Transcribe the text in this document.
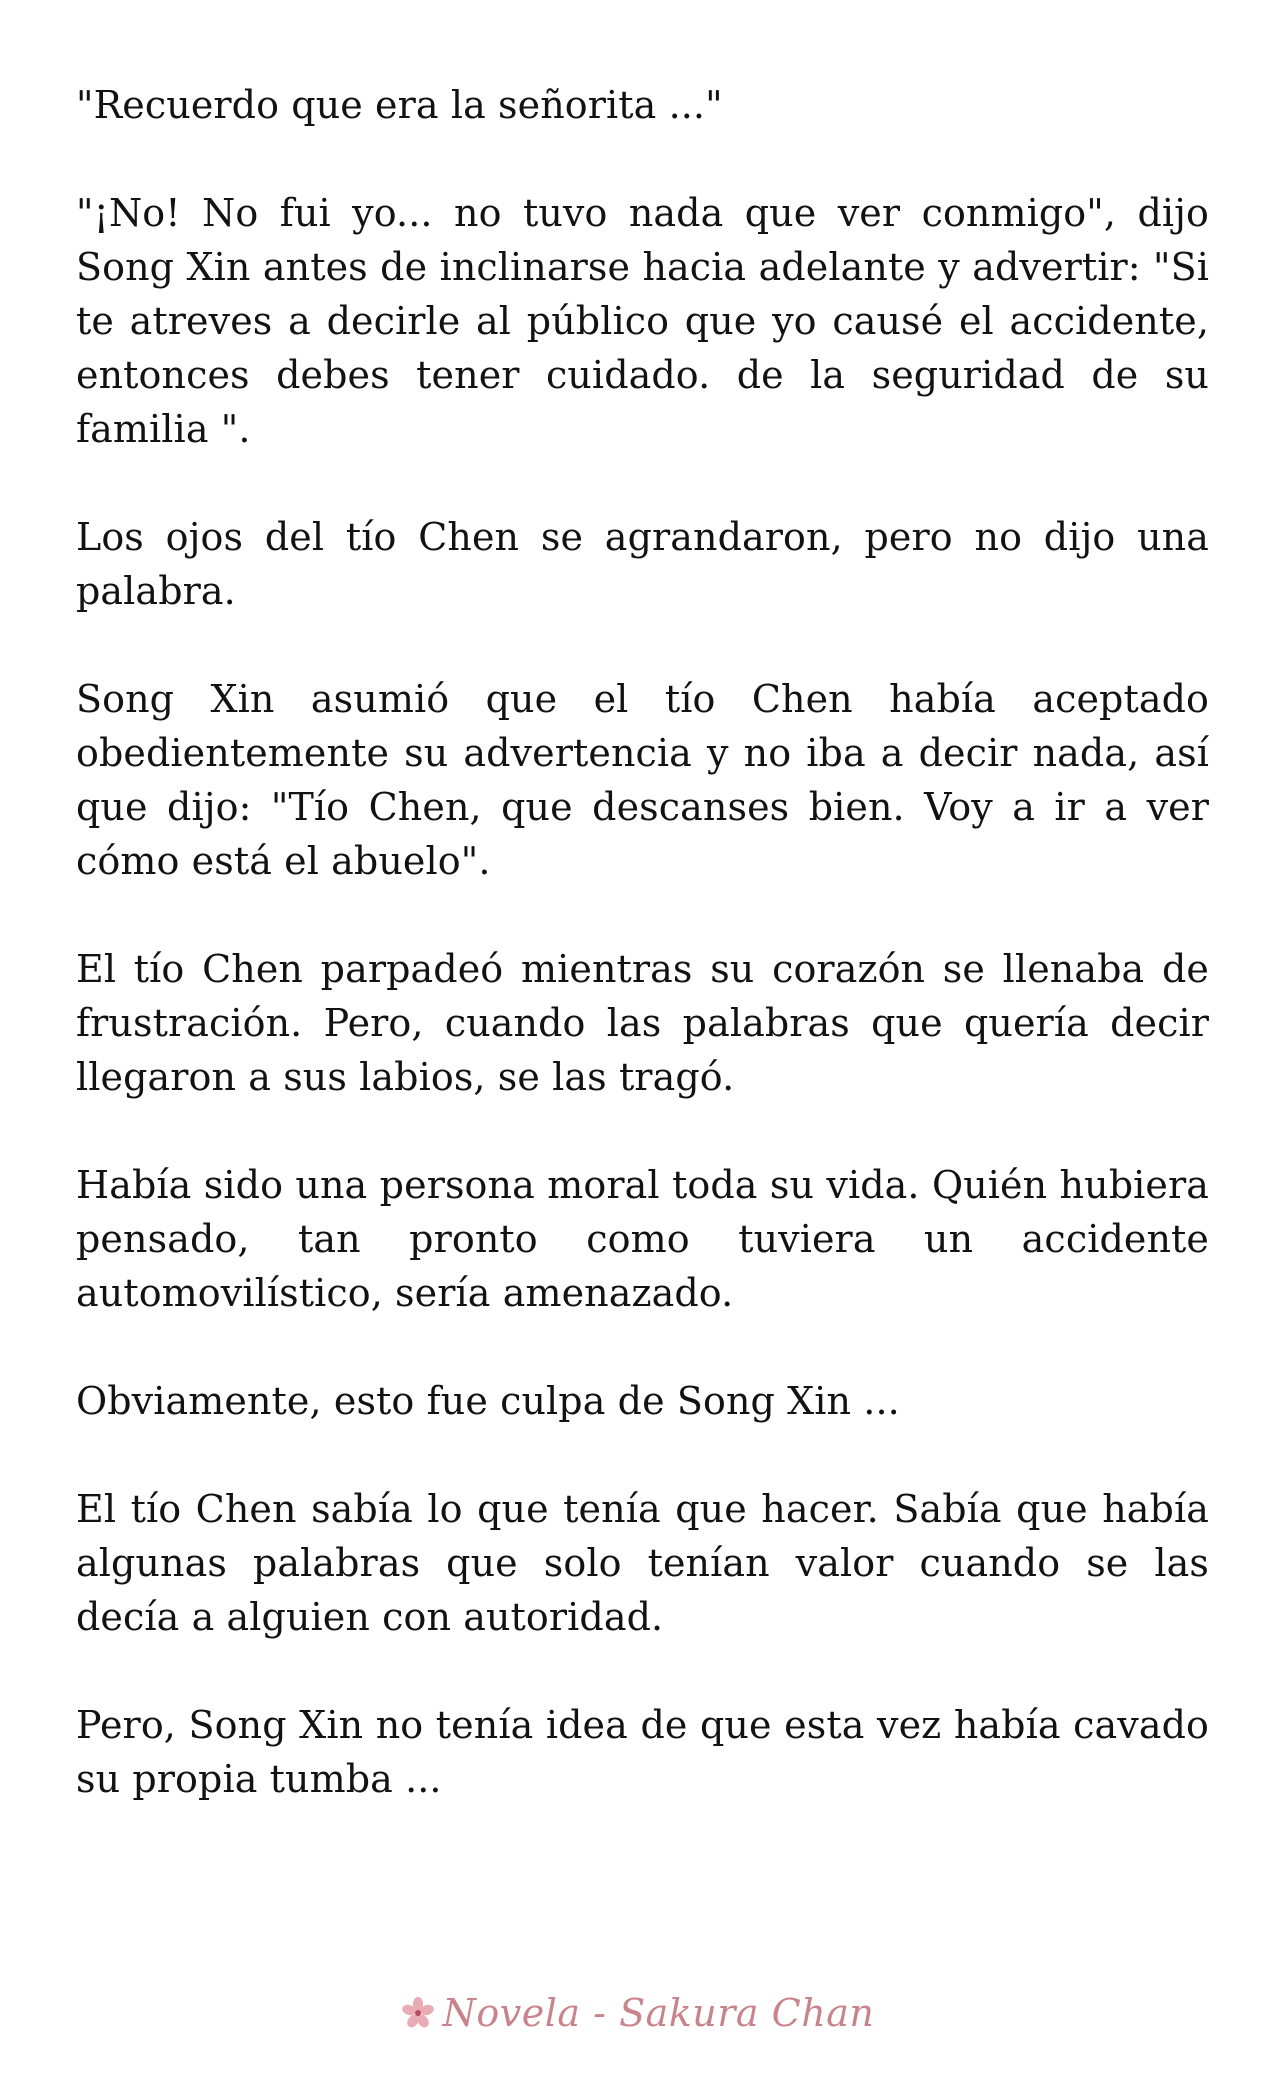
"Recuerdo que era la señorita ..."

"¡No! No fui yo... no tuvo nada que ver conmigo", dijo Song Xin antes de inclinarse hacia adelante y advertir: "Si te atreves a decirle al público que yo causé el accidente, entonces debes tener cuidado. de la seguridad de su familia ".

Los ojos del tío Chen se agrandaron, pero no dijo una palabra.

Song Xin asumió que el tío Chen había aceptado obedientemente su advertencia y no iba a decir nada, así que dijo: "Tío Chen, que descanses bien. Voy a ir a ver cómo está el abuelo".

El tío Chen parpadeó mientras su corazón se llenaba de frustración. Pero, cuando las palabras que quería decir llegaron a sus labios, se las tragó.

Había sido una persona moral toda su vida. Quién hubiera pensado, tan pronto como tuviera un accidente automovilístico, sería amenazado.

Obviamente, esto fue culpa de Song Xin ...

El tío Chen sabía lo que tenía que hacer. Sabía que había algunas palabras que solo tenían valor cuando se las decía a alguien con autoridad.

Pero, Song Xin no tenía idea de que esta vez había cavado su propia tumba ...

Novela - Sakura Chan
